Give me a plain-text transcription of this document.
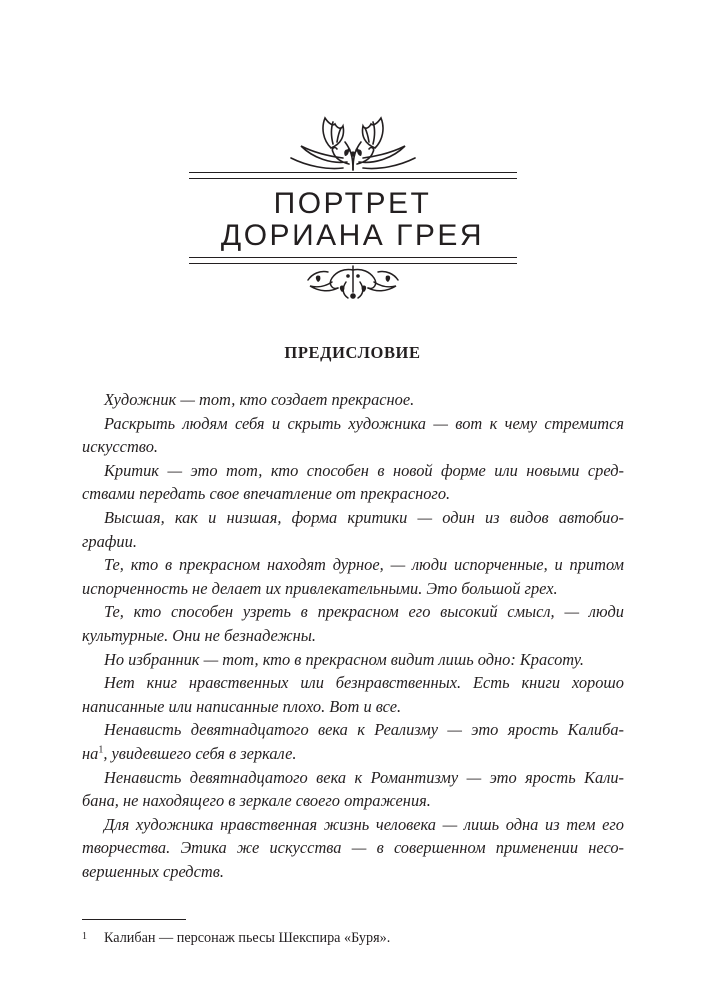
ПОРТРЕТ
ДОРИАНА ГРЕЯ
ПРЕДИСЛОВИЕ
Художник — тот, кто создает прекрасное.
Раскрыть людям себя и скрыть художника — вот к чему стремится
искусство.
Критик — это тот, кто способен в новой форме или новыми сред-
ствами передать свое впечатление от прекрасного.
Высшая, как и низшая, форма критики — один из видов автобио-
графии.
Те, кто в прекрасном находят дурное, — люди испорченные, и притом
испорченность не делает их привлекательными. Это большой грех.
Те, кто способен узреть в прекрасном его высокий смысл, — люди
культурные. Они не безнадежны.
Но избранник — тот, кто в прекрасном видит лишь одно: Красоту.
Нет книг нравственных или безнравственных. Есть книги хорошо
написанные или написанные плохо. Вот и все.
Ненависть девятнадцатого века к Реализму — это ярость Калиба-
на$^1$, увидевшего себя в зеркале.
Ненависть девятнадцатого века к Романтизму — это ярость Кали-
бана, не находящего в зеркале своего отражения.
Для художника нравственная жизнь человека — лишь одна из тем его
творчества. Этика же искусства — в совершенном применении несо-
вершенных средств.
1 Калибан — персонаж пьесы Шекспира «Буря».
